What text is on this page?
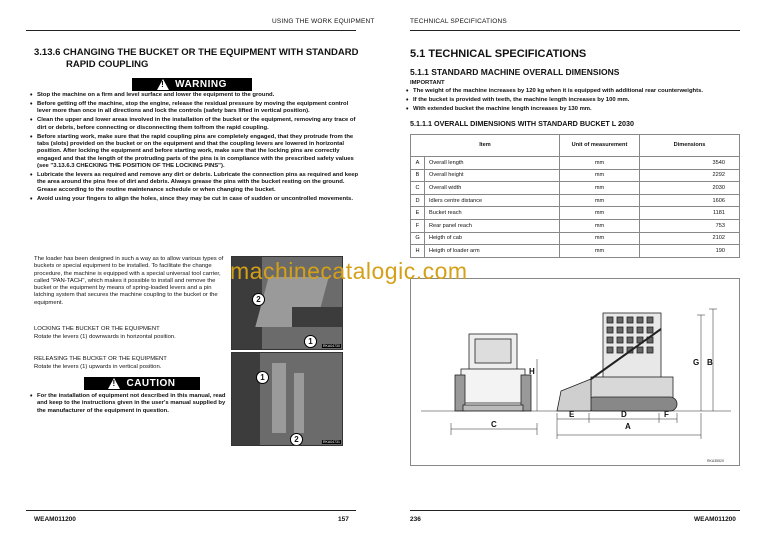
USING THE WORK EQUIPMENT
3.13.6 CHANGING THE BUCKET OR THE EQUIPMENT WITH STANDARD
RAPID COUPLING
!
WARNING
• Stop the machine on a firm and level surface and lower the equipment to the ground.
• Before getting off the machine, stop the engine, release the residual pressure by moving the equipment control lever more than once in all directions and lock the controls (safety bars lifted in vertical position).
• Clean the upper and lower areas involved in the installation of the bucket or the equipment, removing any trace of dirt or debris, before connecting or disconnecting them to/from the rapid coupling.
• Before starting work, make sure that the rapid coupling pins are completely engaged, that they protrude from the tabs (slots) provided on the bucket or on the equipment and that the coupling levers are lowered in horizontal position. After locking the equipment and before starting work, make sure that the locking pins are correctly engaged and that the length of the protruding parts of the pins is in compliance with the prescribed safety values (see "3.13.6.3 CHECKING THE POSITION OF THE LOCKING PINS").
• Lubricate the levers as required and remove any dirt or debris. Lubricate the connection pins as required and keep the area around the pins free of dirt and debris. Always grease the pins with the bucket resting on the ground. Grease according to the routine maintenance schedule or when changing the bucket.
• Avoid using your fingers to align the holes, since they may be cut in case of sudden or uncontrolled movements.
The loader has been designed in such a way as to allow various types of buckets or special equipment to be installed. To facilitate the change procedure, the machine is equipped with a special universal tool carrier, called "PAN-TACH", which makes it possible to install and remove the bucket or the equipment by means of spring-loaded levers and a pin latching system that secures the machine coupling to the bucket or the equipment.
LOCKING THE BUCKET OR THE EQUIPMENT
Rotate the levers (1) downwards in horizontal position.
RELEASING THE BUCKET OR THE EQUIPMENT
Rotate the levers (1) upwards in vertical position.
2
1	RKA04730
1
2	RKA04731
!
CAUTION
• For the installation of equipment not described in this manual, read and keep to the instructions given in the user's manual supplied by the manufacturer of the equipment in question.
WEAM011200	157
TECHNICAL SPECIFICATIONS
5.1 TECHNICAL SPECIFICATIONS
5.1.1 STANDARD MACHINE OVERALL DIMENSIONS
IMPORTANT
• The weight of the machine increases by 120 kg when it is equipped with additional rear counterweights.
• If the bucket is provided with teeth, the machine length increases by 100 mm.
• With extended bucket the machine length increases by 130 mm.
5.1.1.1 OVERALL DIMENSIONS WITH STANDARD BUCKET L 2030
Item		Unit of measurement	Dimensions
A	Overall length	mm	3540
B	Overall height	mm	2292
C	Overall width	mm	2030
D	Idlers centre distance	mm	1606
E	Bucket reach	mm	1181
F	Rear panel reach	mm	753
G	Heigth of cab	mm	2102
H	Heigth of loader arm	mm	190
C	A
E	D	F
H
G B
RKA35520
236	WEAM011200
machinecatalogic.com
